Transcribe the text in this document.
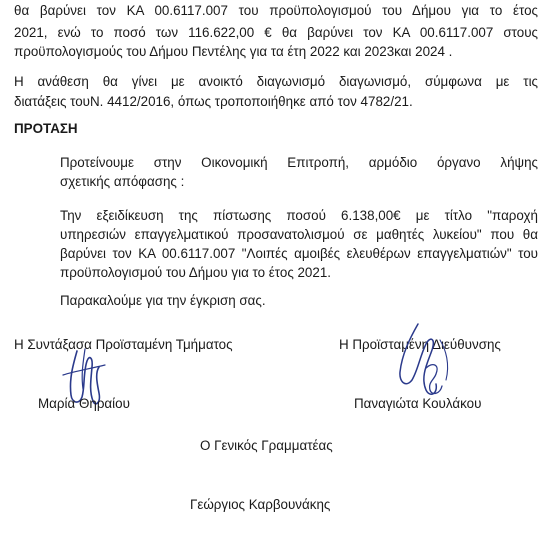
θα βαρύνει τον ΚΑ 00.6117.007 του προϋπολογισμού του Δήμου για το έτος
2021, ενώ το ποσό των 116.622,00 € θα βαρύνει τον ΚΑ 00.6117.007 στους
προϋπολογισμούς του Δήμου Πεντέλης για τα έτη 2022 και 2023και 2024 .
Η ανάθεση θα γίνει με ανοικτό διαγωνισμό διαγωνισμό, σύμφωνα με τις
διατάξεις τουΝ. 4412/2016, όπως τροποποιήθηκε από τον 4782/21.
ΠΡΟΤΑΣΗ
Προτείνουμε στην Οικονομική Επιτροπή, αρμόδιο όργανο λήψης
σχετικής απόφασης :
Την εξειδίκευση της πίστωσης ποσού 6.138,00€ με τίτλο "παροχή
υπηρεσιών επαγγελματικού προσανατολισμού σε μαθητές λυκείου" που θα
βαρύνει τον ΚΑ 00.6117.007 "Λοιπές αμοιβές ελευθέρων επαγγελματιών" του
προϋπολογισμού του Δήμου για το έτος 2021.
Παρακαλούμε για την έγκριση σας.
Η Συντάξασα Προϊσταμένη Τμήματος	Η Προϊσταμένη Διεύθυνσης
Μαρία Θηραίου	Παναγιώτα Κουλάκου
Ο Γενικός Γραμματέας
Γεώργιος Καρβουνάκης
